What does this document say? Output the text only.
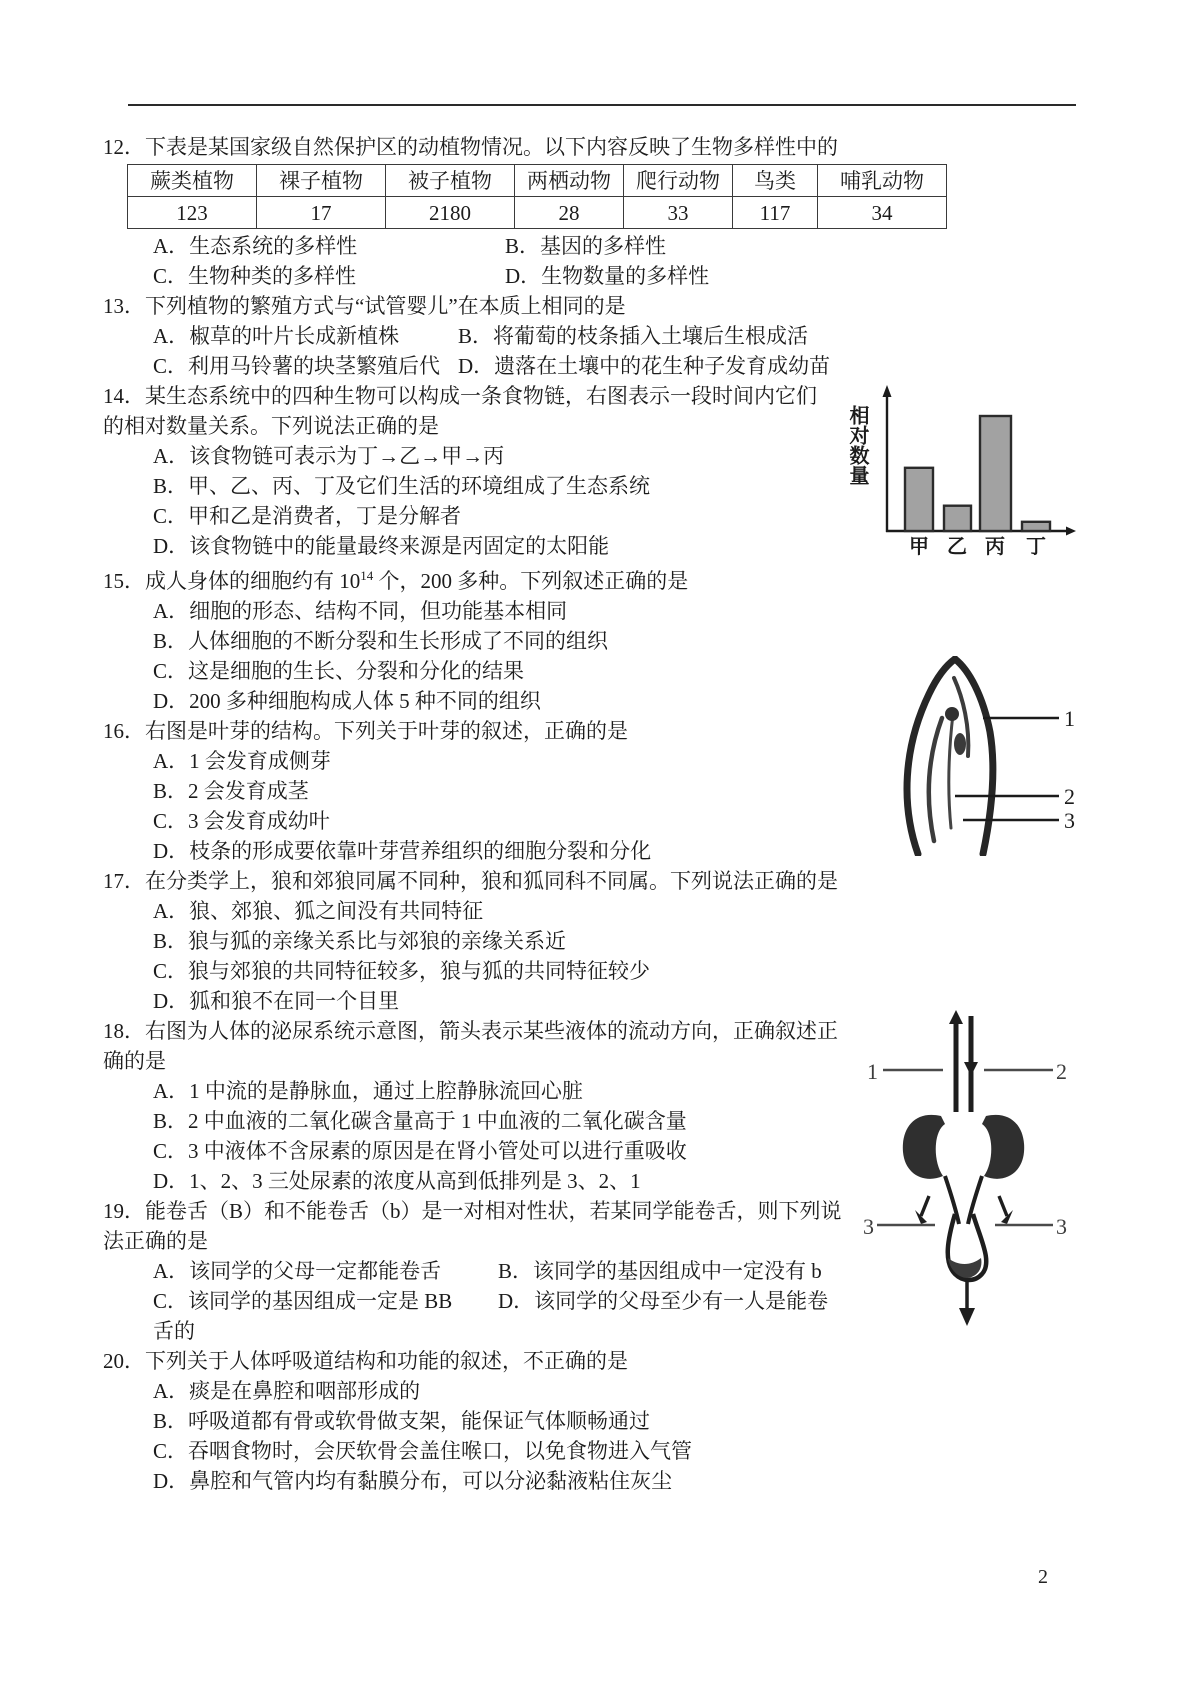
12．下表是某国家级自然保护区的动植物情况。以下内容反映了生物多样性中的
蕨类植物	裸子植物	被子植物	两栖动物	爬行动物	鸟类	哺乳动物
123	17	2180	28	33	117	34
A．生态系统的多样性	B．基因的多样性
C．生物种类的多样性	D．生物数量的多样性
13．下列植物的繁殖方式与“试管婴儿”在本质上相同的是
A．椒草的叶片长成新植株	B．将葡萄的枝条插入土壤后生根成活
C．利用马铃薯的块茎繁殖后代 D．遗落在土壤中的花生种子发育成幼苗
相对数量
甲 乙 丙 丁
14．某生态系统中的四种生物可以构成一条食物链，右图表示一段时间内它们的相对数量关系。下列说法正确的是
A．该食物链可表示为丁→乙→甲→丙
B．甲、乙、丙、丁及它们生活的环境组成了生态系统
C．甲和乙是消费者，丁是分解者
D．该食物链中的能量最终来源是丙固定的太阳能
15．成人身体的细胞约有 $10^{14}$ 个，200 多种。下列叙述正确的是
A．细胞的形态、结构不同，但功能基本相同
B．人体细胞的不断分裂和生长形成了不同的组织
C．这是细胞的生长、分裂和分化的结果
D．200 多种细胞构成人体 5 种不同的组织
1
2
3
16．右图是叶芽的结构。下列关于叶芽的叙述，正确的是
A．1 会发育成侧芽
B．2 会发育成茎
C．3 会发育成幼叶
D．枝条的形成要依靠叶芽营养组织的细胞分裂和分化
17．在分类学上，狼和郊狼同属不同种，狼和狐同科不同属。下列说法正确的是
A．狼、郊狼、狐之间没有共同特征
B．狼与狐的亲缘关系比与郊狼的亲缘关系近
C．狼与郊狼的共同特征较多，狼与狐的共同特征较少
D．狐和狼不在同一个目里
1	2
3	3
18．右图为人体的泌尿系统示意图，箭头表示某些液体的流动方向，正确叙述正确的是
A．1 中流的是静脉血，通过上腔静脉流回心脏
B．2 中血液的二氧化碳含量高于 1 中血液的二氧化碳含量
C．3 中液体不含尿素的原因是在肾小管处可以进行重吸收
D．1、2、3 三处尿素的浓度从高到低排列是 3、2、1
19．能卷舌（B）和不能卷舌（b）是一对相对性状，若某同学能卷舌，则下列说法正确的是
A．该同学的父母一定都能卷舌	B．该同学的基因组成中一定没有 b
C．该同学的基因组成一定是 BB D．该同学的父母至少有一人是能卷舌的
20．下列关于人体呼吸道结构和功能的叙述，不正确的是
A．痰是在鼻腔和咽部形成的
B．呼吸道都有骨或软骨做支架，能保证气体顺畅通过
C．吞咽食物时，会厌软骨会盖住喉口，以免食物进入气管
D．鼻腔和气管内均有黏膜分布，可以分泌黏液粘住灰尘
2
